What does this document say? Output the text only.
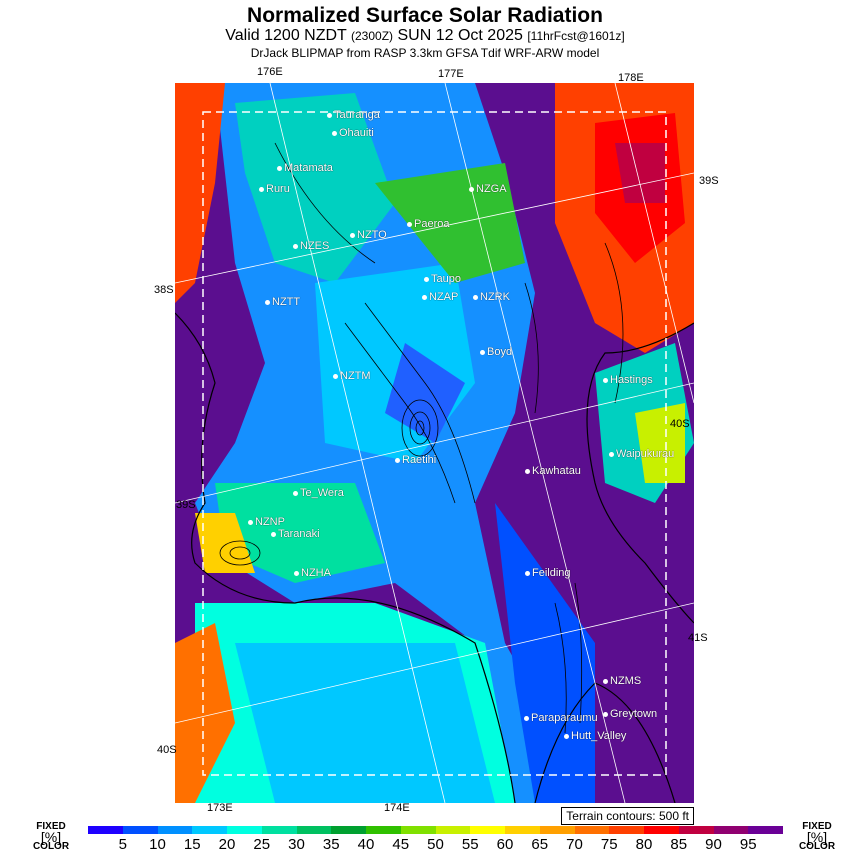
Normalized Surface Solar Radiation
Valid 1200 NZDT (2300Z) SUN 12 Oct 2025 [11hrFcst@1601z]
DrJack BLIPMAP from RASP 3.3km GFSA Tdif WRF-ARW model
Tauranga
Ohauiti
Matamata
Ruru	NZGA
Paeroa
NZES
NZTO
Taupo
NZAP	NZRK
NZTT
Boyd
NZTM	Hastings
Raetihi	Waipukurau
Kawhatau
Te_Wera
NZNP
Taranaki
NZHA	Feilding
NZMS
Greytown
Paraparaumu
Hutt_Valley
176E	177E	178E
173E	174E
39S
38S
40S
39S
41S
40S
Terrain contours: 500 ft
FIXED
[%]
COLOR
FIXED
[%]
COLOR
5 10 15 20 25 30 35 40 45 50 55 60 65 70 75 80 85 90 95
